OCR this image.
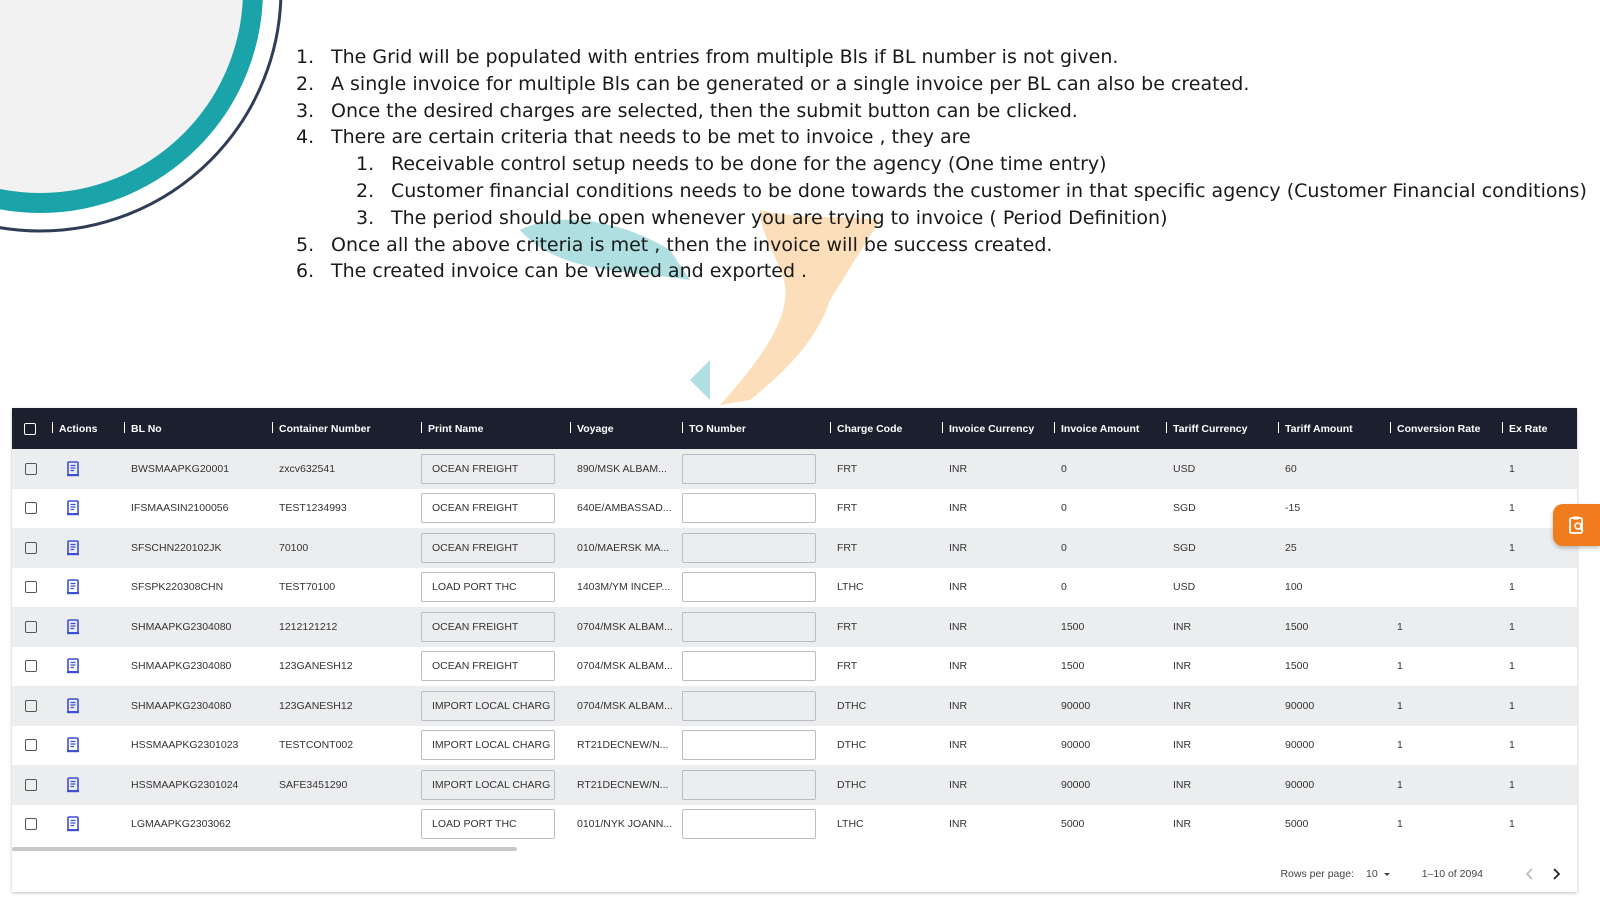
1. The Grid will be populated with entries from multiple Bls if BL number is not given.
2. A single invoice for multiple Bls can be generated or a single invoice per BL can also be created.
3. Once the desired charges are selected, then the submit button can be clicked.
4. There are certain criteria that needs to be met to invoice , they are
1. Receivable control setup needs to be done for the agency (One time entry)
2. Customer financial conditions needs to be done towards the customer in that specific agency (Customer Financial conditions)
3. The period should be open whenever you are trying to invoice ( Period Definition)
5. Once all the above criteria is met , then the invoice will be success created.
6. The created invoice can be viewed and exported .
	Actions	BL No	Container Number	Print Name	Voyage	TO Number	Charge Code	Invoice Currency	Invoice Amount	Tariff Currency	Tariff Amount	Conversion Rate	Ex Rate	
		BWSMAAPKG20001	zxcv632541	OCEAN FREIGHT	890/MSK ALBAM...		FRT	INR	0	USD	60		1	
		IFSMAASIN2100056	TEST1234993	OCEAN FREIGHT	640E/AMBASSAD...		FRT	INR	0	SGD	-15		1	
		SFSCHN220102JK	70100	OCEAN FREIGHT	010/MAERSK MA...		FRT	INR	0	SGD	25		1	
		SFSPK220308CHN	TEST70100	LOAD PORT THC	1403M/YM INCEP...		LTHC	INR	0	USD	100		1	
		SHMAAPKG2304080	1212121212	OCEAN FREIGHT	0704/MSK ALBAM...		FRT	INR	1500	INR	1500	1	1	
		SHMAAPKG2304080	123GANESH12	OCEAN FREIGHT	0704/MSK ALBAM...		FRT	INR	1500	INR	1500	1	1	
		SHMAAPKG2304080	123GANESH12	IMPORT LOCAL CHARG	0704/MSK ALBAM...		DTHC	INR	90000	INR	90000	1	1	
		HSSMAAPKG2301023	TESTCONT002	IMPORT LOCAL CHARG	RT21DECNEW/N...		DTHC	INR	90000	INR	90000	1	1	
		HSSMAAPKG2301024	SAFE3451290	IMPORT LOCAL CHARG	RT21DECNEW/N...		DTHC	INR	90000	INR	90000	1	1	
		LGMAAPKG2303062		LOAD PORT THC	0101/NYK JOANN...		LTHC	INR	5000	INR	5000	1	1	
Rows per page: 10	1–10 of 2094
